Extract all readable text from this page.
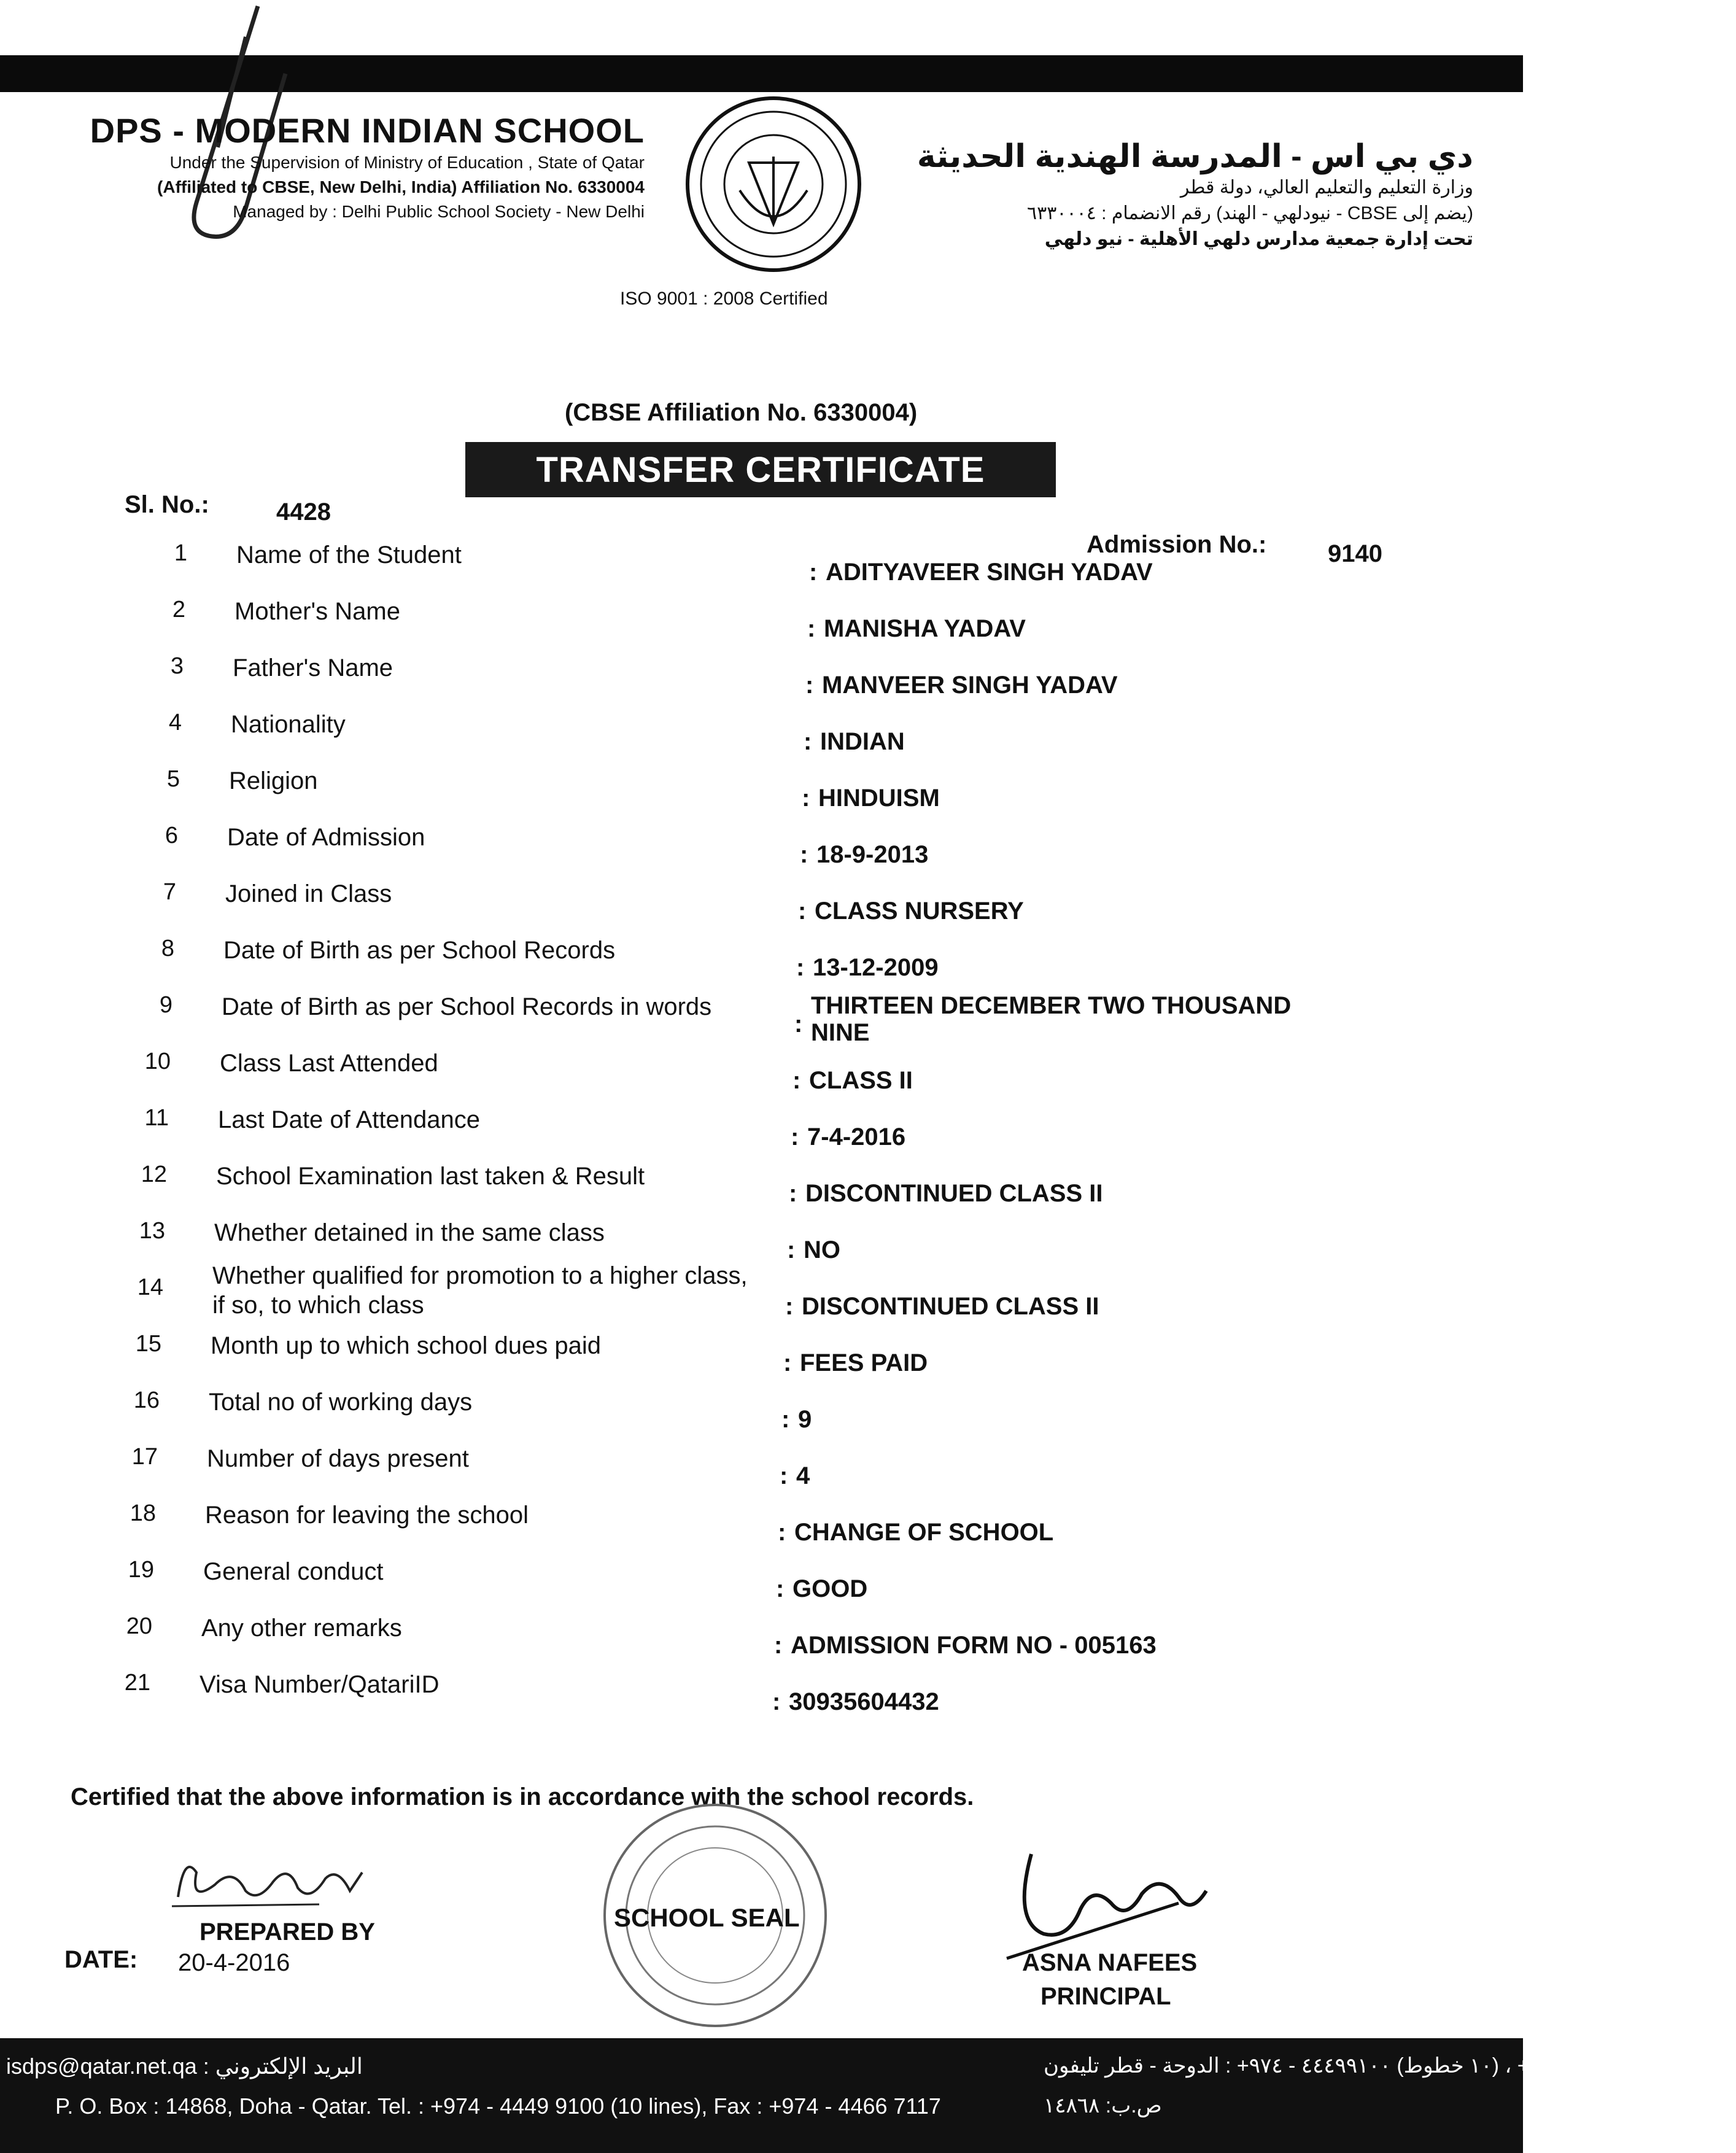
DPS - MODERN INDIAN SCHOOL
Under the Supervision of Ministry of Education , State of Qatar
(Affiliated to CBSE, New Delhi, India) Affiliation No. 6330004
Managed by : Delhi Public School Society - New Delhi
دي بي اس - المدرسة الهندية الحديثة
وزارة التعليم والتعليم العالي، دولة قطر
(يضم إلى CBSE - نيودلهي - الهند) رقم الانضمام : ٦٣٣٠٠٠٤
تحت إدارة جمعية مدارس دلهي الأهلية - نيو دلهي
ISO 9001 : 2008 Certified
(CBSE Affiliation No. 6330004)
TRANSFER CERTIFICATE
Sl. No.:	4428
Admission No.: 9140
1 Name of the Student
: ADITYAVEER SINGH YADAV
2 Mother's Name
: MANISHA YADAV
3 Father's Name
: MANVEER SINGH YADAV
4 Nationality
: INDIAN
5 Religion
: HINDUISM
6 Date of Admission
: 18-9-2013
7 Joined in Class
: CLASS NURSERY
8 Date of Birth as per School Records
: 13-12-2009
9 Date of Birth as per School Records in words
:
THIRTEEN DECEMBER TWO THOUSAND NINE
10 Class Last Attended
: CLASS II
11 Last Date of Attendance
: 7-4-2016
12 School Examination last taken & Result
: DISCONTINUED CLASS II
13 Whether detained in the same class
: NO
14 Whether qualified for promotion to a higher class, if so, to which class	: DISCONTINUED CLASS II
15 Month up to which school dues paid
: FEES PAID
16 Total no of working days
: 9
17 Number of days present
: 4
18 Reason for leaving the school
: CHANGE OF SCHOOL
19 General conduct
: GOOD
20 Any other remarks
: ADMISSION FORM NO - 005163
21 Visa Number/QatariID
: 30935604432
Certified that the above information is in accordance with the school records.
PREPARED BY
DATE: 20-4-2016
SCHOOL SEAL
ASNA NAFEES
PRINCIPAL
isdps@qatar.net.qa : البريد الإلكتروني	فاكس: ٤٤٦٦٧١١٧ - ٩٧٤+ ، (١٠ خطوط) ٤٤٤٩٩١٠٠ - ٩٧٤+ : الدوحة - قطر تليفون
P. O. Box : 14868, Doha - Qatar. Tel. : +974 - 4449 9100 (10 lines), Fax : +974 - 4466 7117	ص.ب: ١٤٨٦٨
